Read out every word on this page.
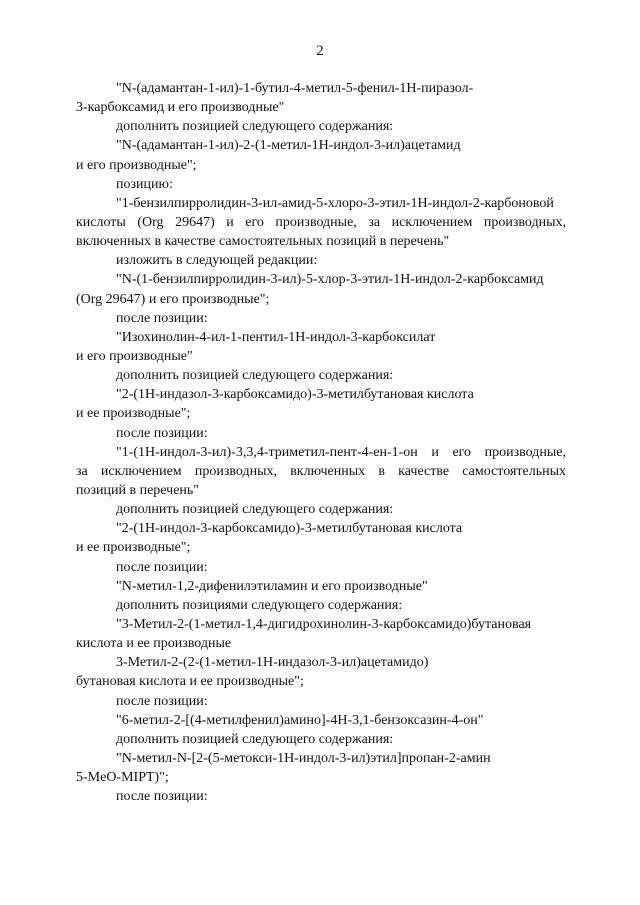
2
"N-(адамантан-1-ил)-1-бутил-4-метил-5-фенил-1H-пиразол-
3-карбоксамид и его производные"
дополнить позицией следующего содержания:
"N-(адамантан-1-ил)-2-(1-метил-1H-индол-3-ил)ацетамид
и его производные";
позицию:
"1-бензилпирролидин-3-ил-амид-5-хлоро-3-этил-1H-индол-2-карбоновой
кислоты (Org 29647) и его производные, за исключением производных,
включенных в качестве самостоятельных позиций в перечень"
изложить в следующей редакции:
"N-(1-бензилпирролидин-3-ил)-5-хлор-3-этил-1H-индол-2-карбоксамид
(Org 29647) и его производные";
после позиции:
"Изохинолин-4-ил-1-пентил-1H-индол-3-карбоксилат
и его производные"
дополнить позицией следующего содержания:
"2-(1H-индазол-3-карбоксамидо)-3-метилбутановая кислота
и ее производные";
после позиции:
"1-(1H-индол-3-ил)-3,3,4-триметил-пент-4-ен-1-он и его производные,
за исключением производных, включенных в качестве самостоятельных
позиций в перечень"
дополнить позицией следующего содержания:
"2-(1H-индол-3-карбоксамидо)-3-метилбутановая кислота
и ее производные";
после позиции:
"N-метил-1,2-дифенилэтиламин и его производные"
дополнить позициями следующего содержания:
"3-Метил-2-(1-метил-1,4-дигидрохинолин-3-карбоксамидо)бутановая
кислота и ее производные
3-Метил-2-(2-(1-метил-1H-индазол-3-ил)ацетамидо)
бутановая кислота и ее производные";
после позиции:
"6-метил-2-[(4-метилфенил)амино]-4H-3,1-бензоксазин-4-он"
дополнить позицией следующего содержания:
"N-метил-N-[2-(5-метокси-1H-индол-3-ил)этил]пропан-2-амин
5-MeO-MIPT)";
после позиции:
